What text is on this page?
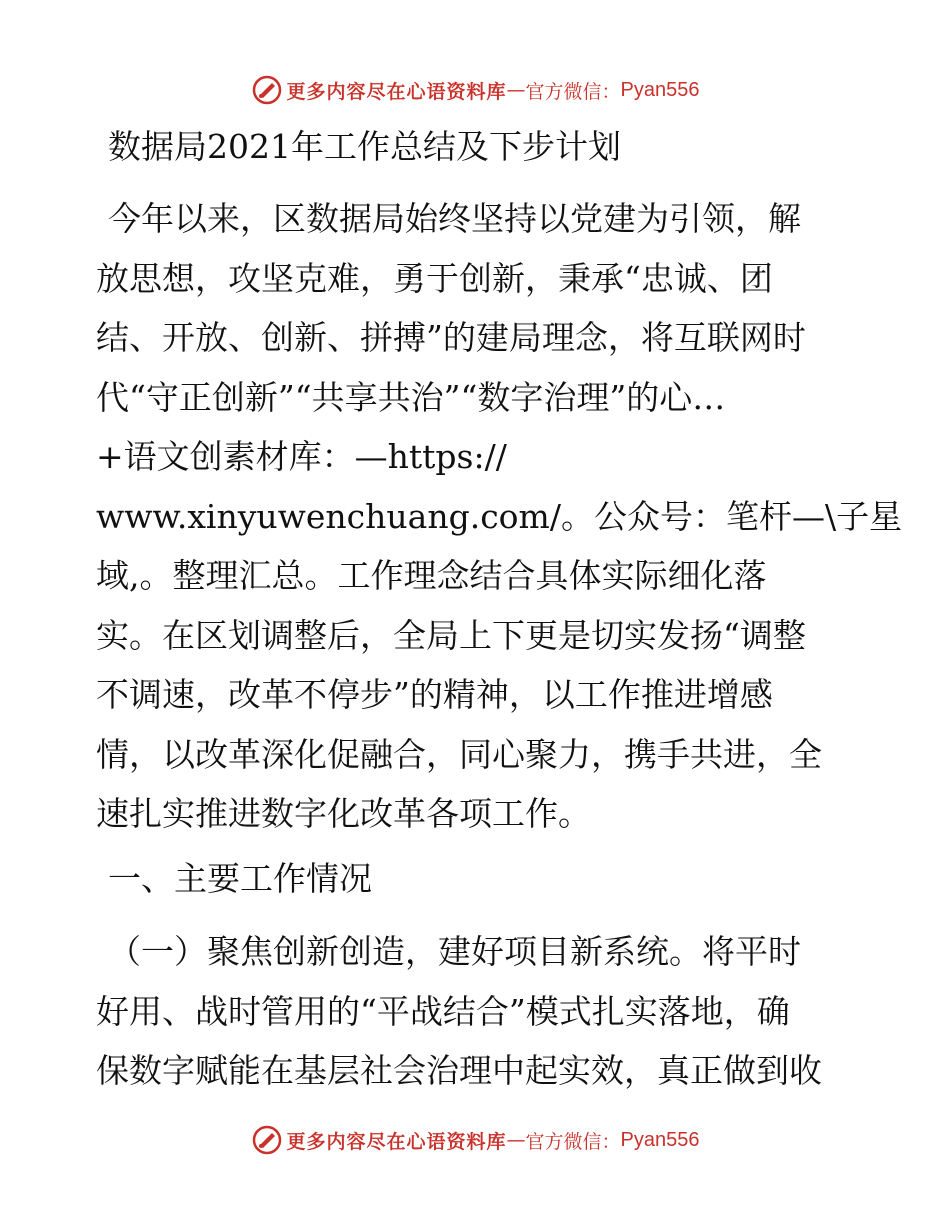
更多内容尽在心语资料库 — 官方微信： Pyan556
数据局2021年工作总结及下步计划

今年以来，区数据局始终坚持以党建为引领，解
放思想，攻坚克难，勇于创新，秉承“忠诚、团
结、开放、创新、拼搏”的建局理念，将互联网时
代“守正创新”“共享共治”“数字治理”的心…
+语文创素材库：—https://
www.xinyuwenchuang.com/。公众号：笔杆—\子星
域,。整理汇总。工作理念结合具体实际细化落
实。在区划调整后，全局上下更是切实发扬“调整
不调速，改革不停步”的精神，以工作推进增感
情，以改革深化促融合，同心聚力，携手共进，全
速扎实推进数字化改革各项工作。

一、主要工作情况

（一）聚焦创新创造，建好项目新系统。将平时
好用、战时管用的“平战结合”模式扎实落地，确
保数字赋能在基层社会治理中起实效，真正做到收

更多内容尽在心语资料库 — 官方微信： Pyan556
